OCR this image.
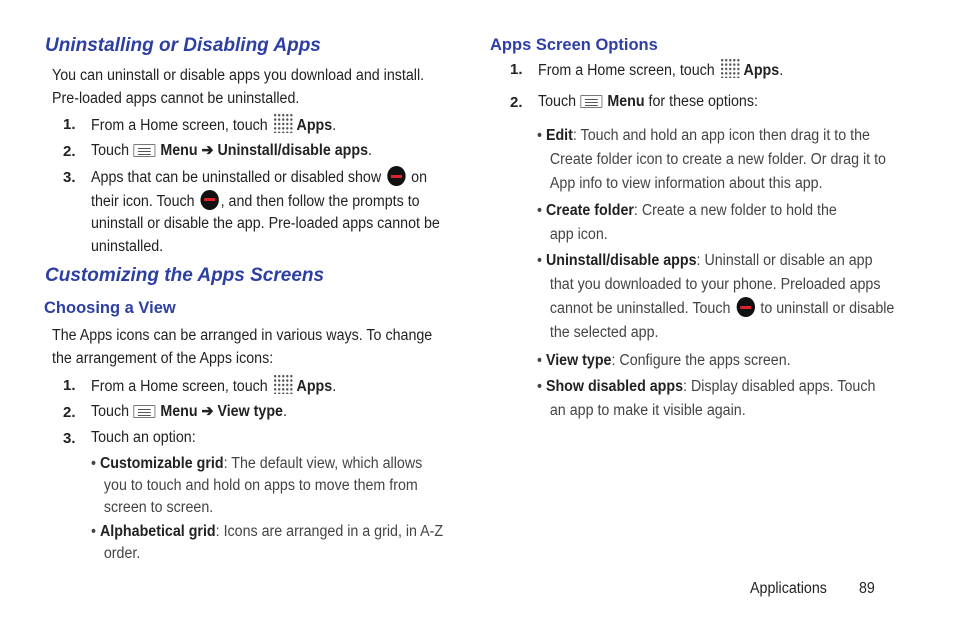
Uninstalling or Disabling Apps
You can uninstall or disable apps you download and install.
Pre-loaded apps cannot be uninstalled.
1. From a Home screen, touch Apps.
2. Touch Menu ➔ Uninstall/disable apps.
3. Apps that can be uninstalled or disabled show on
their icon. Touch , and then follow the prompts to
uninstall or disable the app. Pre-loaded apps cannot be
uninstalled.
Customizing the Apps Screens
Choosing a View
The Apps icons can be arranged in various ways. To change
the arrangement of the Apps icons:
1. From a Home screen, touch Apps.
2. Touch Menu ➔ View type.
3. Touch an option:
• Customizable grid: The default view, which allows
you to touch and hold on apps to move them from
screen to screen.
• Alphabetical grid: Icons are arranged in a grid, in A-Z
order.
Apps Screen Options
1. From a Home screen, touch Apps.
2. Touch Menu for these options:
• Edit: Touch and hold an app icon then drag it to the
Create folder icon to create a new folder. Or drag it to
App info to view information about this app.
• Create folder: Create a new folder to hold the
app icon.
• Uninstall/disable apps: Uninstall or disable an app
that you downloaded to your phone. Preloaded apps
cannot be uninstalled. Touch to uninstall or disable
the selected app.
• View type: Configure the apps screen.
• Show disabled apps: Display disabled apps. Touch
an app to make it visible again.
Applications 89
